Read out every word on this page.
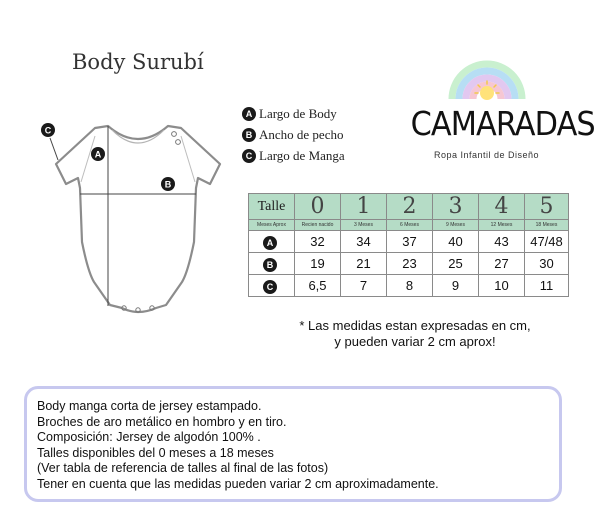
Body Surubí
A
B
C
A Largo de Body
B Ancho de pecho
C Largo de Manga
CAMARADAS
Ropa Infantil de Diseño
Talle	0	1	2	3	4	5
Meses Aprox	Recien nacido	3 Meses	6 Meses	9 Meses	12 Meses	18 Meses
A	32	34	37	40	43	47/48
B	19	21	23	25	27	30
C	6,5	7	8	9	10	11
* Las medidas estan expresadas en cm,
y pueden variar 2 cm aprox!
Body manga corta de jersey estampado.
Broches de aro metálico en hombro y en tiro.
Composición: Jersey de algodón 100% .
Talles disponibles del 0 meses a 18 meses
(Ver tabla de referencia de talles al final de las fotos)
Tener en cuenta que las medidas pueden variar 2 cm aproximadamente.
